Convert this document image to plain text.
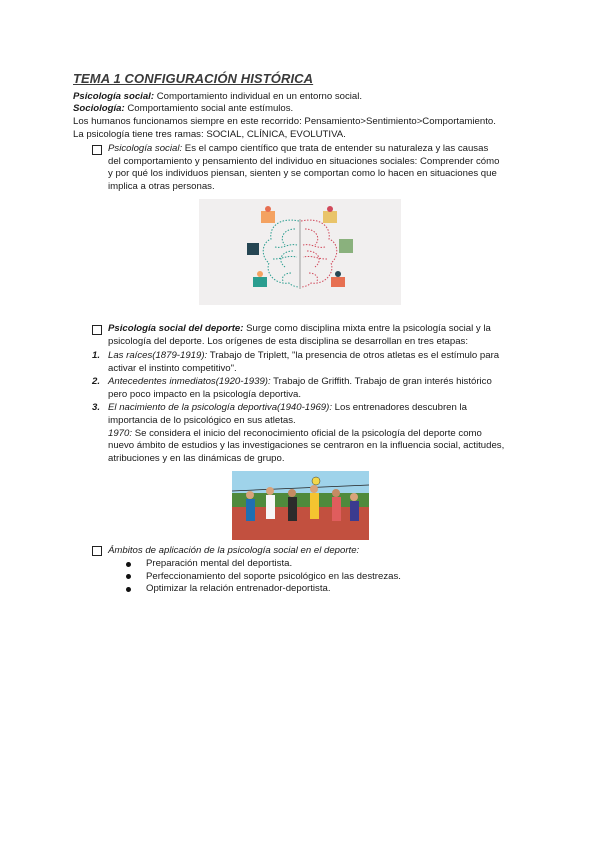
TEMA 1 CONFIGURACIÓN HISTÓRICA
Psicología social: Comportamiento individual en un entorno social.
Sociología: Comportamiento social ante estímulos.
Los humanos funcionamos siempre en este recorrido: Pensamiento>Sentimiento>Comportamiento.
La psicología tiene tres ramas: SOCIAL, CLÍNICA, EVOLUTIVA.
Psicología social: Es el campo científico que trata de entender su naturaleza y las causas
del comportamiento y pensamiento del individuo en situaciones sociales: Comprender cómo
y por qué los individuos piensan, sienten y se comportan como lo hacen en situaciones que
implica a otras personas.
Psicología social del deporte: Surge como disciplina mixta entre la psicología social y la
psicología del deporte. Los orígenes de esta disciplina se desarrollan en tres etapas:
1. Las raíces(1879-1919): Trabajo de Triplett, "la presencia de otros atletas es el estímulo para
activar el instinto competitivo".
2. Antecedentes inmediatos(1920-1939): Trabajo de Griffith. Trabajo de gran interés histórico
pero poco impacto en la psicología deportiva.
3. El nacimiento de la psicología deportiva(1940-1969): Los entrenadores descubren la
importancia de lo psicológico en sus atletas.
1970: Se considera el inicio del reconocimiento oficial de la psicología del deporte como
nuevo ámbito de estudios y las investigaciones se centraron en la influencia social, actitudes,
atribuciones y en las dinámicas de grupo.
Ámbitos de aplicación de la psicología social en el deporte:
Preparación mental del deportista.
Perfeccionamiento del soporte psicológico en las destrezas.
Optimizar la relación entrenador-deportista.
